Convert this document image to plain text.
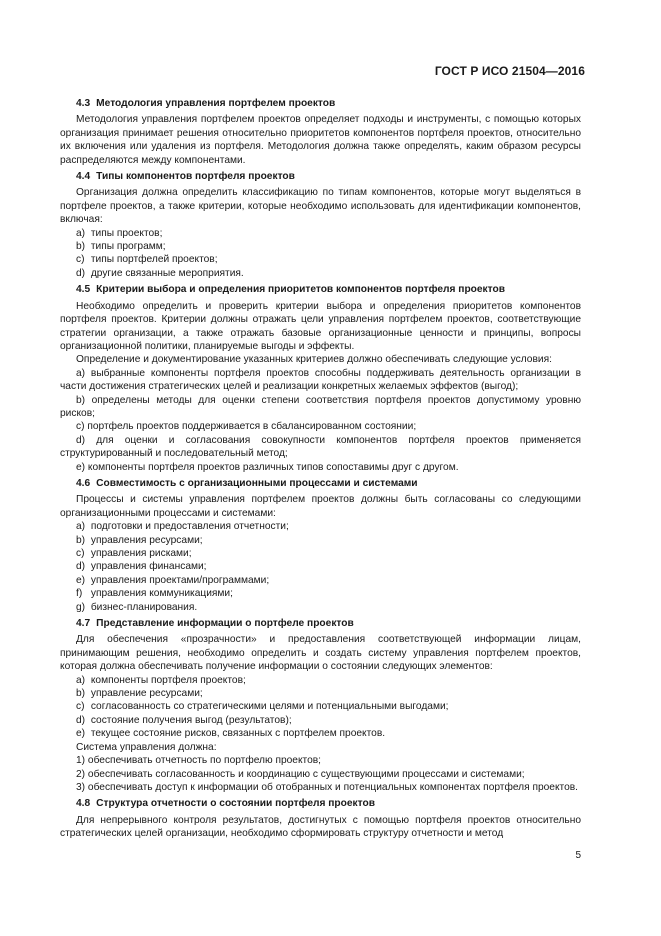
ГОСТ Р ИСО 21504—2016
4.3 Методология управления портфелем проектов
Методология управления портфелем проектов определяет подходы и инструменты, с помощью которых организация принимает решения относительно приоритетов компонентов портфеля проектов, относительно их включения или удаления из портфеля. Методология должна также определять, каким образом ресурсы распределяются между компонентами.
4.4 Типы компонентов портфеля проектов
Организация должна определить классификацию по типам компонентов, которые могут выделяться в портфеле проектов, а также критерии, которые необходимо использовать для идентификации компонентов, включая:
a) типы проектов;
b) типы программ;
c) типы портфелей проектов;
d) другие связанные мероприятия.
4.5 Критерии выбора и определения приоритетов компонентов портфеля проектов
Необходимо определить и проверить критерии выбора и определения приоритетов компонентов портфеля проектов. Критерии должны отражать цели управления портфелем проектов, соответствующие стратегии организации, а также отражать базовые организационные ценности и принципы, вопросы организационной политики, планируемые выгоды и эффекты.
Определение и документирование указанных критериев должно обеспечивать следующие условия:
a) выбранные компоненты портфеля проектов способны поддерживать деятельность организации в части достижения стратегических целей и реализации конкретных желаемых эффектов (выгод);
b) определены методы для оценки степени соответствия портфеля проектов допустимому уровню рисков;
c) портфель проектов поддерживается в сбалансированном состоянии;
d) для оценки и согласования совокупности компонентов портфеля проектов применяется структурированный и последовательный метод;
e) компоненты портфеля проектов различных типов сопоставимы друг с другом.
4.6 Совместимость с организационными процессами и системами
Процессы и системы управления портфелем проектов должны быть согласованы со следующими организационными процессами и системами:
a) подготовки и предоставления отчетности;
b) управления ресурсами;
c) управления рисками;
d) управления финансами;
e) управления проектами/программами;
f) управления коммуникациями;
g) бизнес-планирования.
4.7 Представление информации о портфеле проектов
Для обеспечения «прозрачности» и предоставления соответствующей информации лицам, принимающим решения, необходимо определить и создать систему управления портфелем проектов, которая должна обеспечивать получение информации о состоянии следующих элементов:
a) компоненты портфеля проектов;
b) управление ресурсами;
c) согласованность со стратегическими целями и потенциальными выгодами;
d) состояние получения выгод (результатов);
e) текущее состояние рисков, связанных с портфелем проектов.
Система управления должна:
1) обеспечивать отчетность по портфелю проектов;
2) обеспечивать согласованность и координацию с существующими процессами и системами;
3) обеспечивать доступ к информации об отобранных и потенциальных компонентах портфеля проектов.
4.8 Структура отчетности о состоянии портфеля проектов
Для непрерывного контроля результатов, достигнутых с помощью портфеля проектов относительно стратегических целей организации, необходимо сформировать структуру отчетности и метод
5
